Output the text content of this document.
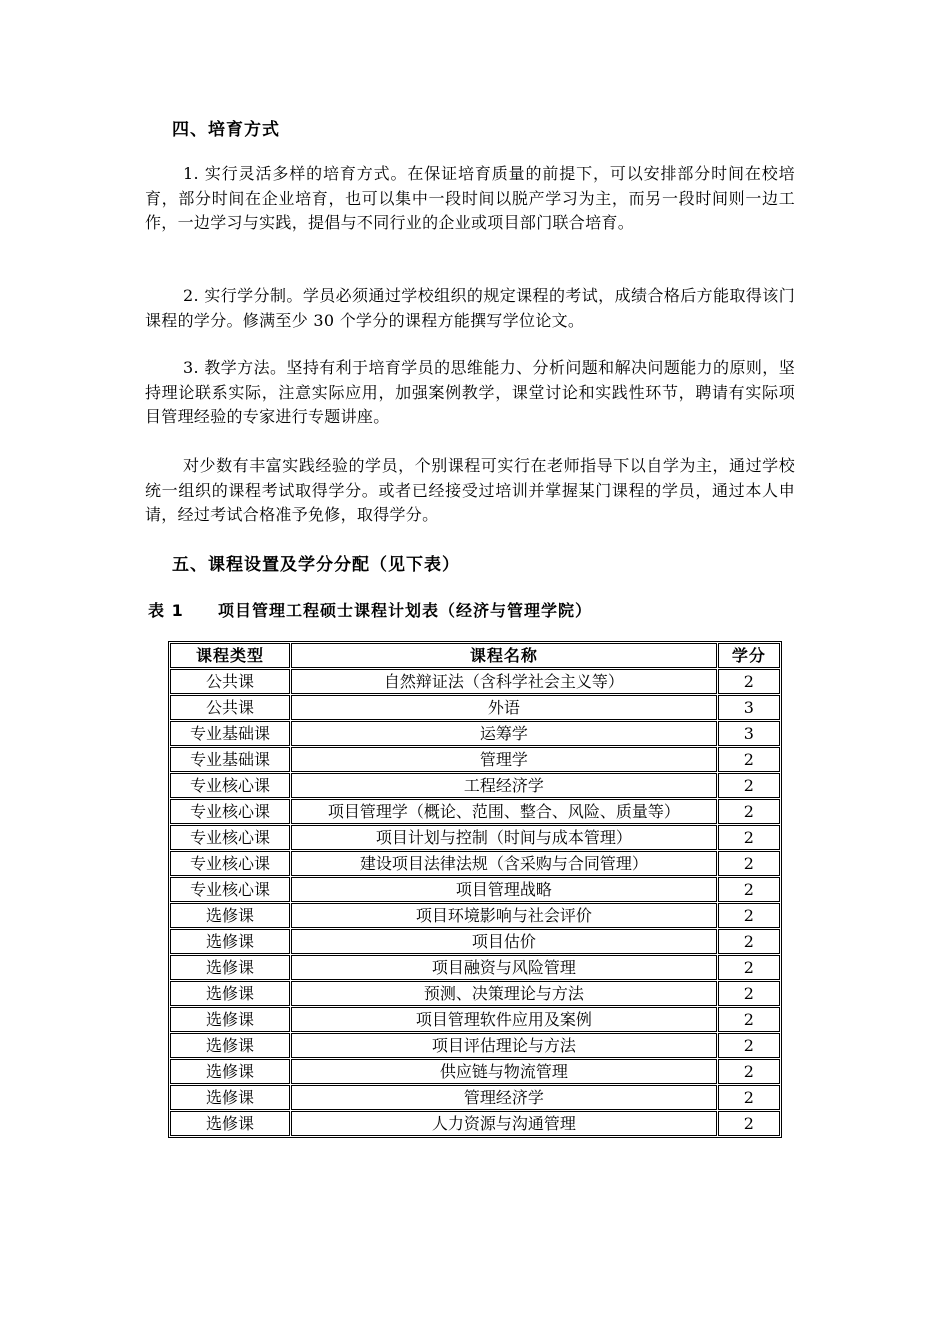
四、培育方式
1. 实行灵活多样的培育方式。在保证培育质量的前提下，可以安排部分时间在校培育，部分时间在企业培育，也可以集中一段时间以脱产学习为主，而另一段时间则一边工作，一边学习与实践，提倡与不同行业的企业或项目部门联合培育。
2. 实行学分制。学员必须通过学校组织的规定课程的考试，成绩合格后方能取得该门课程的学分。修满至少 30 个学分的课程方能撰写学位论文。
3. 教学方法。坚持有利于培育学员的思维能力、分析问题和解决问题能力的原则，坚持理论联系实际，注意实际应用，加强案例教学，课堂讨论和实践性环节，聘请有实际项目管理经验的专家进行专题讲座。
对少数有丰富实践经验的学员，个别课程可实行在老师指导下以自学为主，通过学校统一组织的课程考试取得学分。或者已经接受过培训并掌握某门课程的学员，通过本人申请，经过考试合格准予免修，取得学分。
五、课程设置及学分分配（见下表）
表 1 项目管理工程硕士课程计划表（经济与管理学院）
课程类型	课程名称	学分
公共课	自然辩证法（含科学社会主义等）	2
公共课	外语	3
专业基础课	运筹学	3
专业基础课	管理学	2
专业核心课	工程经济学	2
专业核心课	项目管理学（概论、范围、整合、风险、质量等）	2
专业核心课	项目计划与控制（时间与成本管理）	2
专业核心课	建设项目法律法规（含采购与合同管理）	2
专业核心课	项目管理战略	2
选修课	项目环境影响与社会评价	2
选修课	项目估价	2
选修课	项目融资与风险管理	2
选修课	预测、决策理论与方法	2
选修课	项目管理软件应用及案例	2
选修课	项目评估理论与方法	2
选修课	供应链与物流管理	2
选修课	管理经济学	2
选修课	人力资源与沟通管理	2
